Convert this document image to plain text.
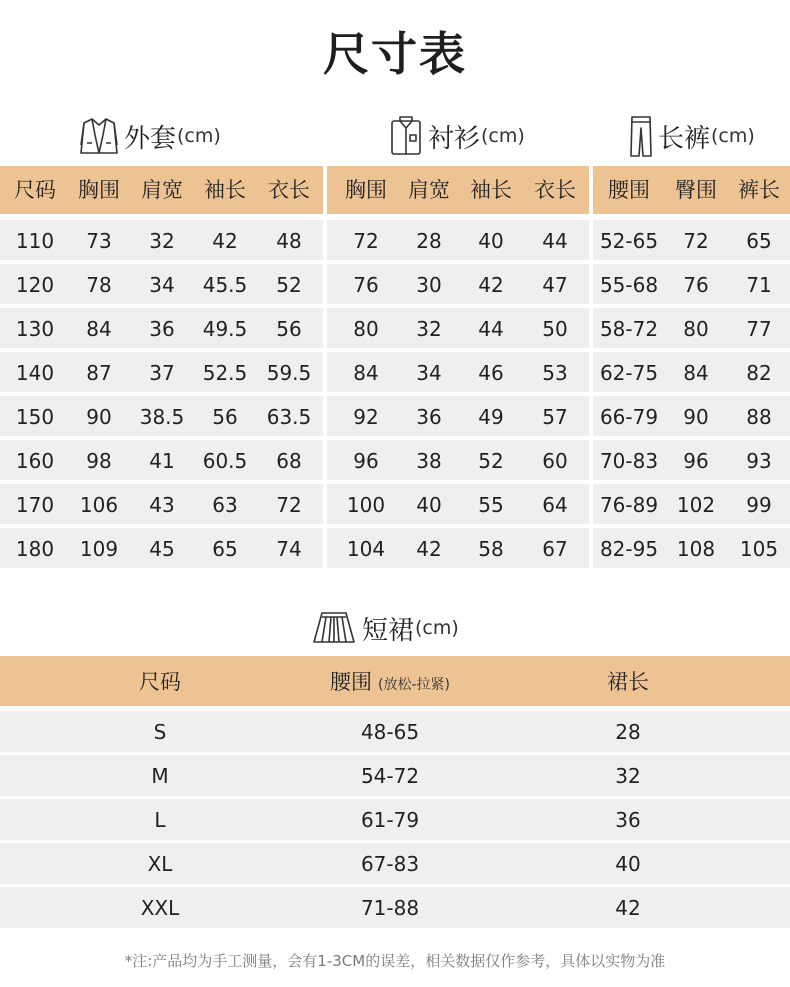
尺寸表
外套 (cm)	衬衫 (cm)	长裤 (cm)
尺码	胸围	肩宽	袖长	衣长	胸围	肩宽 袖长	衣长	腰围	臀围	裤长
110	73	32	42	48	72	28	40	44	52-65	72	65
120	78	34	45.5	52	76	30	42	47	55-68	76	71
130	84	36	49.5	56	80	32	44	50	58-72	80	77
140	87	37	52.5 59.5	84	34	46	53	62-75	84	82
150	90	38.5	56	63.5	92	36	49	57	66-79	90	88
160	98	41	60.5	68	96	38	52	60	70-83	96	93
170	106	43	63	72	100	40	55	64	76-89 102	99
180	109	45	65	74	104	42	58	67	82-95 108	105
短裙 (cm)
尺码	腰围 (放松-拉紧)	裙长
S	48-65	28
M	54-72	32
L	61-79	36
XL	67-83	40
XXL	71-88	42
*注:产品均为手工测量，会有1-3CM的误差，相关数据仅作参考，具体以实物为准
